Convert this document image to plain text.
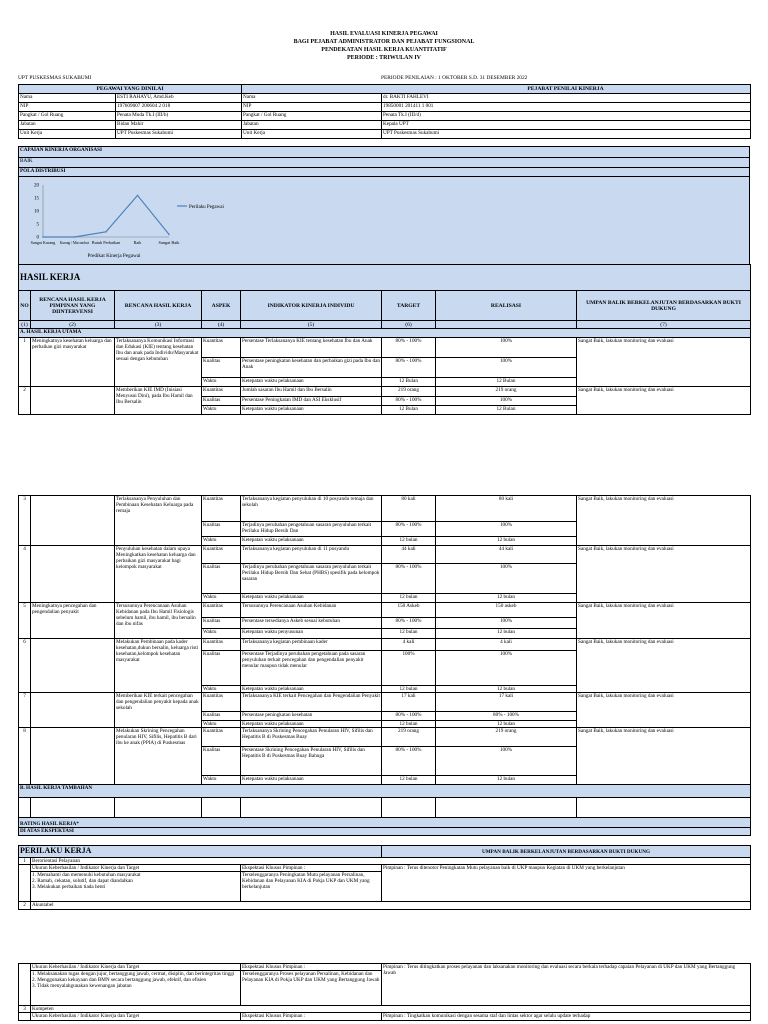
HASIL EVALUASI KINERJA PEGAWAI
BAGI PEJABAT ADMINISTRATOR DAN PEJABAT FUNGSIONAL
PENDEKATAN HASIL KERJA KUANTITATIF
PERIODE : TRIWULAN IV
UPT PUSKESMAS SUKABUMI	PERIODE PENILAIAN : 1 OKTOBER S.D. 31 DESEMBER 2022
PEGAWAI YANG DINILAI		PEJABAT PENILAI KINERJA	
Nama	ESTI RAHAYU, Amd.Keb	Nama	dr. BAKTI FAHLEVI
NIP	197609007 200604 2 018	NIP	19850001 201411 1 001
Pangkat / Gol Ruang	Penata Muda Tk.I (III/b)	Pangkat / Gol Ruang	Penata Tk.I (III/d)
Jabatan	Bidan Mahir	Jabatan	Kepala UPT
Unit Kerja	UPT Puskesmas Sukabumi	Unit Kerja	UPT Puskesmas Sukabumi
CAPAIAN KINERJA ORGANISASI
BAIK
POLA DISTRIBUSI

0
5
10
15
20
Sangat Kurang Kurang / Misconduct Butuh Perbaikan	Baik	Sangat Baik
Perilaku Pegawai
Predikat Kinerja Pegawai
HASIL KERJA							
NO	RENCANA HASIL KERJA PIMPINAN YANG DIINTERVENSI	RENCANA HASIL KERJA	ASPEK	INDIKATOR KINERJA INDIVIDU	TARGET	REALISASI	UMPAN BALIK BERKELANJUTAN BERDASARKAN BUKTI DUKUNG
(1)	(2)	(3)	(4)	(5)	(6)		(7)
A. HASIL KERJA UTAMA							
1	Meningkatnya kesehatan keluarga dan perbaikan gizi masyarakat	Terlaksananya Komunikasi Informasi dan Edukasi (KIE) tentang kesehatan Ibu dan anak pada Individu/Masyarakat sesuai dengan kebutuhan	Kuantitas	Persentase Terlaksananya KIE tentang kesehatan Ibu dan Anak	80% - 100%	100%	Sangat Baik, lakukan monitoring dan evaluasi
			Kualitas	Persentase peningkatan kesehatan dan perbaikan gizi pada Ibu dan Anak	80% - 100%	100%	
			Waktu	Ketepatan waktu pelaksanaan	12 Bulan	12 Bulan	
2		Memberikan KIE IMD (Inisiasi Menyusui Dini), pada Ibu Hamil dan Ibu Bersalin	Kuantitas	Jumlah sasaran Ibu Hamil dan Ibu Bersalin	219 orang	219 orang	Sangat Baik, lakukan monitoring dan evaluasi
			Kualitas	Persentase Peningkatan IMD dan ASI Eksklusif	80% - 100%	100%	
			Waktu	Ketepatan waktu pelaksanaan	12 Bulan	12 Bulan	
3		Terlaksananya Penyuluhan dan Pembinaan Kesehatan Keluarga pada remaja	Kuantitas	Terlaksananya kegiatan penyuluhan di 10 posyandu remaja dan sekolah	80 kali	80 kali	Sangat Baik, lakukan monitoring dan evaluasi
			Kualitas	Terjadinya perubahan pengetahuan sasaran penyuluhan terkait Perilaku Hidup Bersih Dan	80% - 100%	100%	
			Waktu	Ketepatan waktu pelaksanaan	12 bulan	12 bulan	
4		Penyuluhan kesehatan dalam upaya Meningkatkan kesehatan keluarga dan perbaikan gizi masyarakat bagi kelompok masyarakat	Kuantitas	Terlaksananya kegiatan penyuluhan di 11 posyandu	44 kali	44 kali	Sangat Baik, lakukan monitoring dan evaluasi
			Kualitas	Terjadinya perubahan pengetahuan sasaran penyuluhan terkait Perilaku Hidup Bersih Dan Sehat (PHBS) spesifik pada kelompok sasaran	80% - 100%	100%	
			Waktu	Ketepatan waktu pelaksanaan	12 bulan	12 bulan	
5	Meningkatnya pencegahan dan pengendalian penyakit	Tersusunnya Perencanaan Asuhan Kebidanan pada Ibu Hamil Fisiologis sebelum hamil, ibu hamil, ibu bersalin dan ibu nifas	Kuantitas	Tersusunnya Perencanaan Asuhan Kebidanan	150 Askeb	150 askeb	Sangat Baik, lakukan monitoring dan evaluasi
			Kualitas	Persentase tersedianya Askeb sesuai kebutuhan	80% - 100%	100%	
			Waktu	Ketepatan waktu penyusunan	12 bulan	12 bulan	
6		Melakukan Pembinaan pada kader kesehatan,dukun bersalin, keluarga risti kesehatan,kelompok kesehatan masyarakat	Kuantitas	Terlaksananya kegiatan pembinaan kader	4 kali	4 kali	Sangat Baik, lakukan monitoring dan evaluasi
			Kualitas	Persentase Terjadinya perubahan pengetahuan pada sasaran penyuluhan terkait pencegahan dan pengendalian penyakit menular maupun tidak menular	100%	100%	
			Waktu	Ketepatan waktu pelaksanaan	12 bulan	12 bulan	
7		Memberikan KIE terkait pencegahan dan pengendalian penyakit kepada anak sekolah	Kuantitas	Terlaksananya KIE terkait Pencegahan dan Pengendalian Penyakit	17 kali	17 kali	Sangat Baik, lakukan monitoring dan evaluasi
			Kualitas	Persentase peningkatan kesehatan	80% - 100%	80% - 100%	
			Waktu	Ketepatan waktu pelaksanaan	12 bulan	12 bulan	
8		Melakukan Skrining Pencegahan penularan HIV, Sifilis, Hepatitis B dari ibu ke anak (PPIA) di Puskesmas	Kuantitas	Terlaksananya Skrining Pencegahan Penularan HIV, Sifilis dan Hepatitis B di Puskesmas Buay	219 orang	219 orang	Sangat Baik, lakukan monitoring dan evaluasi
			Kualitas	Persentase Skrining Pencegahan Penularan HIV, Sifilis dan Hepatitis B di Puskesmas Buay Bahuga	80% - 100%	100%	
			Waktu	Ketepatan waktu pelaksanaan	12 bulan	12 bulan	
B. HASIL KERJA TAMBAHAN							

RATING HASIL KERJA*							
DI ATAS EKSPEKTASI							
PERILAKU KERJA			UMPAN BALIK BERKELANJUTAN BERDASARKAN BUKTI DUKUNG
1	Berorientasi Pelayanan		
	Ukuran Keberhasilan / Indikator Kinerja dan Target	Ekspektasi Khusus Pimpinan :	Pimpinan : Terus ditenotor Peningkatan Mutu pelayanan baik di UKP maupun Kegiatan di UKM yang berkelanjutan
	1. Memahami dan memenuhi kebutuhan masyarakat
2. Ramah, cekatan, solutif, dan dapat diandalkan
3. Melakukan perbaikan tiada henti	Terselenggaranya Peningkatan Mutu pelayanan Persalinan, Kebidanan dan Pelayanan KIA di Pokja UKP dan UKM yang berkelanjutan	
2	Akuntabel		
	Ukuran Keberhasilan / Indikator Kinerja dan Target	Ekspektasi Khusus Pimpinan :	Pimpinan : Terus ditingkatkan proses pelayanan dan laksanakan monitoring dan evaluasi secara berkala terhadap capaian Pelayanan di UKP dan UKM yang Bertanggung Jawab
	1. Melaksanakan tugas dengan jujur, bertanggung jawab, cermat, disiplin, dan berintegritas tinggi
2. Menggunakan kekayaan dan BMN secara bertanggung jawab, efektif, dan efisien
3. Tidak menyalahgunakan kewenangan jabatan	Terselenggaranya Proses pelayanan Persalinan, Kebidanan dan Pelayanan KIA di Pokja UKP dan UKM yang Bertanggung Jawab	
3	Kompeten		
	Ukuran Keberhasilan / Indikator Kinerja dan Target	Ekspektasi Khusus Pimpinan :	Pimpinan : Tingkatkan komunikasi dengan sesama staf dan lintas sektor agar selalu update terhadap
